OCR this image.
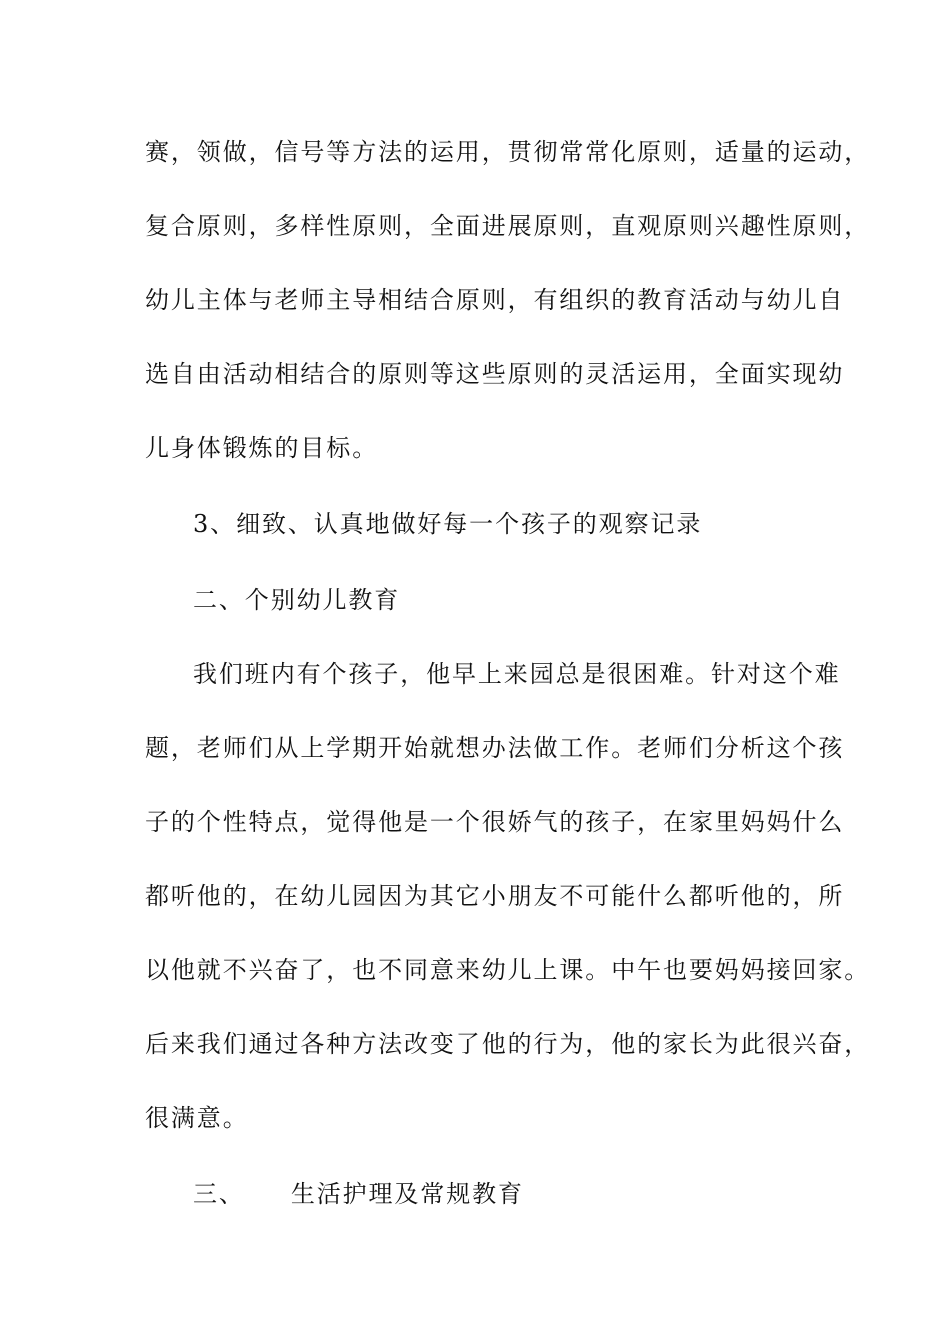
赛，领做，信号等方法的运用，贯彻常常化原则，适量的运动，
复合原则，多样性原则，全面进展原则，直观原则兴趣性原则，
幼儿主体与老师主导相结合原则，有组织的教育活动与幼儿自
选自由活动相结合的原则等这些原则的灵活运用，全面实现幼
儿身体锻炼的目标。
3、细致、认真地做好每一个孩子的观察记录
二、个别幼儿教育
我们班内有个孩子，他早上来园总是很困难。针对这个难
题，老师们从上学期开始就想办法做工作。老师们分析这个孩
子的个性特点，觉得他是一个很娇气的孩子，在家里妈妈什么
都听他的，在幼儿园因为其它小朋友不可能什么都听他的，所
以他就不兴奋了，也不同意来幼儿上课。中午也要妈妈接回家。
后来我们通过各种方法改变了他的行为，他的家长为此很兴奋，
很满意。
三、 生活护理及常规教育
